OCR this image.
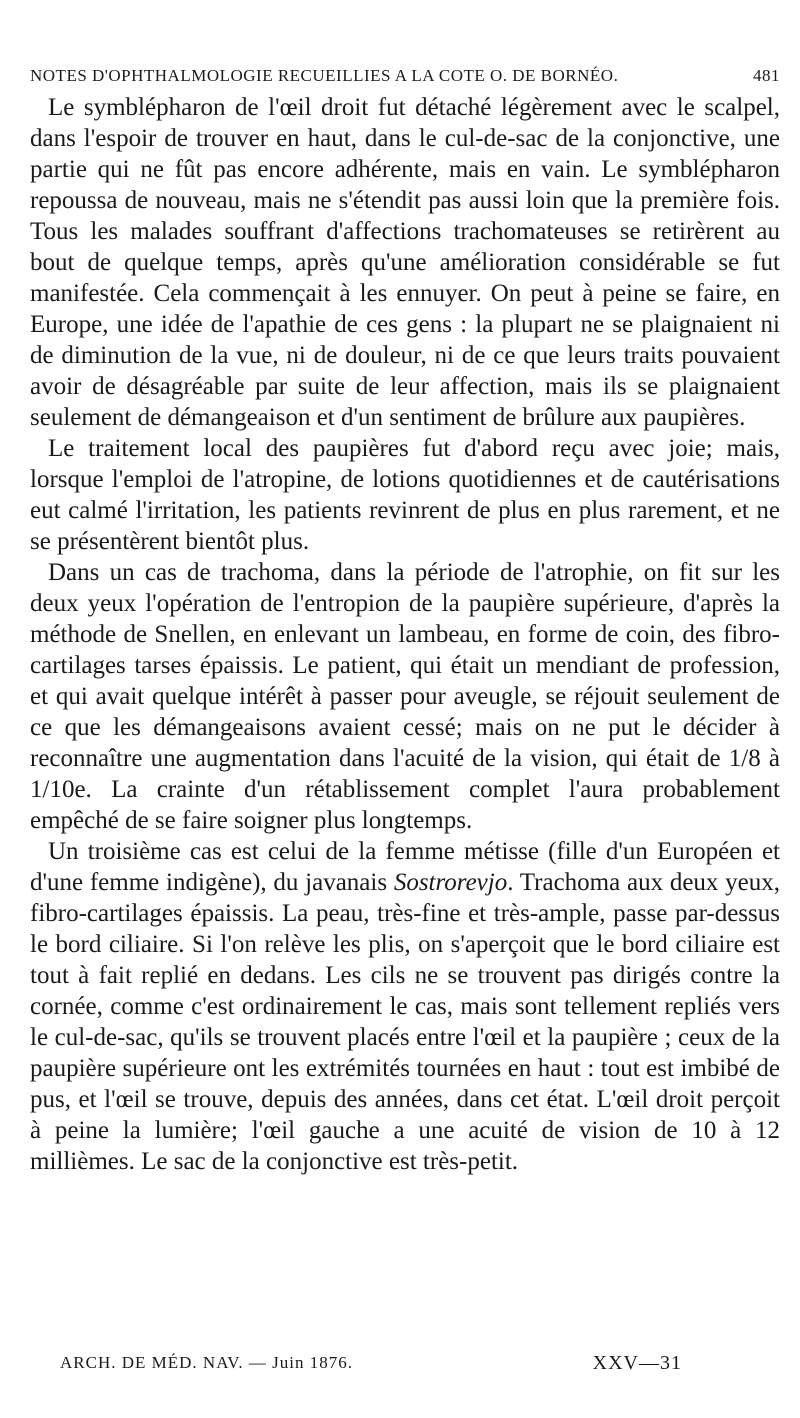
NOTES D'OPHTHALMOLOGIE RECUEILLIES A LA COTE O. DE BORNÉO.	481

Le symblépharon de l'œil droit fut détaché légèrement avec le scalpel, dans l'espoir de trouver en haut, dans le cul-de-sac de la conjonctive, une partie qui ne fût pas encore adhérente, mais en vain. Le symblépharon repoussa de nouveau, mais ne s'étendit pas aussi loin que la première fois. Tous les malades souffrant d'affections trachomateuses se retirèrent au bout de quelque temps, après qu'une amélioration considérable se fut manifestée. Cela commençait à les ennuyer. On peut à peine se faire, en Europe, une idée de l'apathie de ces gens : la plupart ne se plaignaient ni de diminution de la vue, ni de douleur, ni de ce que leurs traits pouvaient avoir de désagréable par suite de leur affection, mais ils se plaignaient seulement de démangeaison et d'un sentiment de brûlure aux paupières.

Le traitement local des paupières fut d'abord reçu avec joie; mais, lorsque l'emploi de l'atropine, de lotions quotidiennes et de cautérisations eut calmé l'irritation, les patients revinrent de plus en plus rarement, et ne se présentèrent bientôt plus.

Dans un cas de trachoma, dans la période de l'atrophie, on fit sur les deux yeux l'opération de l'entropion de la paupière supérieure, d'après la méthode de Snellen, en enlevant un lambeau, en forme de coin, des fibro-cartilages tarses épaissis. Le patient, qui était un mendiant de profession, et qui avait quelque intérêt à passer pour aveugle, se réjouit seulement de ce que les démangeaisons avaient cessé; mais on ne put le décider à reconnaître une augmentation dans l'acuité de la vision, qui était de 1/8 à 1/10e. La crainte d'un rétablissement complet l'aura probablement empêché de se faire soigner plus longtemps.

Un troisième cas est celui de la femme métisse (fille d'un Européen et d'une femme indigène), du javanais Sostrorevjo. Trachoma aux deux yeux, fibro-cartilages épaissis. La peau, très-fine et très-ample, passe par-dessus le bord ciliaire. Si l'on relève les plis, on s'aperçoit que le bord ciliaire est tout à fait replié en dedans. Les cils ne se trouvent pas dirigés contre la cornée, comme c'est ordinairement le cas, mais sont tellement repliés vers le cul-de-sac, qu'ils se trouvent placés entre l'œil et la paupière ; ceux de la paupière supérieure ont les extrémités tournées en haut : tout est imbibé de pus, et l'œil se trouve, depuis des années, dans cet état. L'œil droit perçoit à peine la lumière; l'œil gauche a une acuité de vision de 10 à 12 millièmes. Le sac de la conjonctive est très-petit.

ARCH. DE MÉD. NAV. — Juin 1876.	XXV—31
